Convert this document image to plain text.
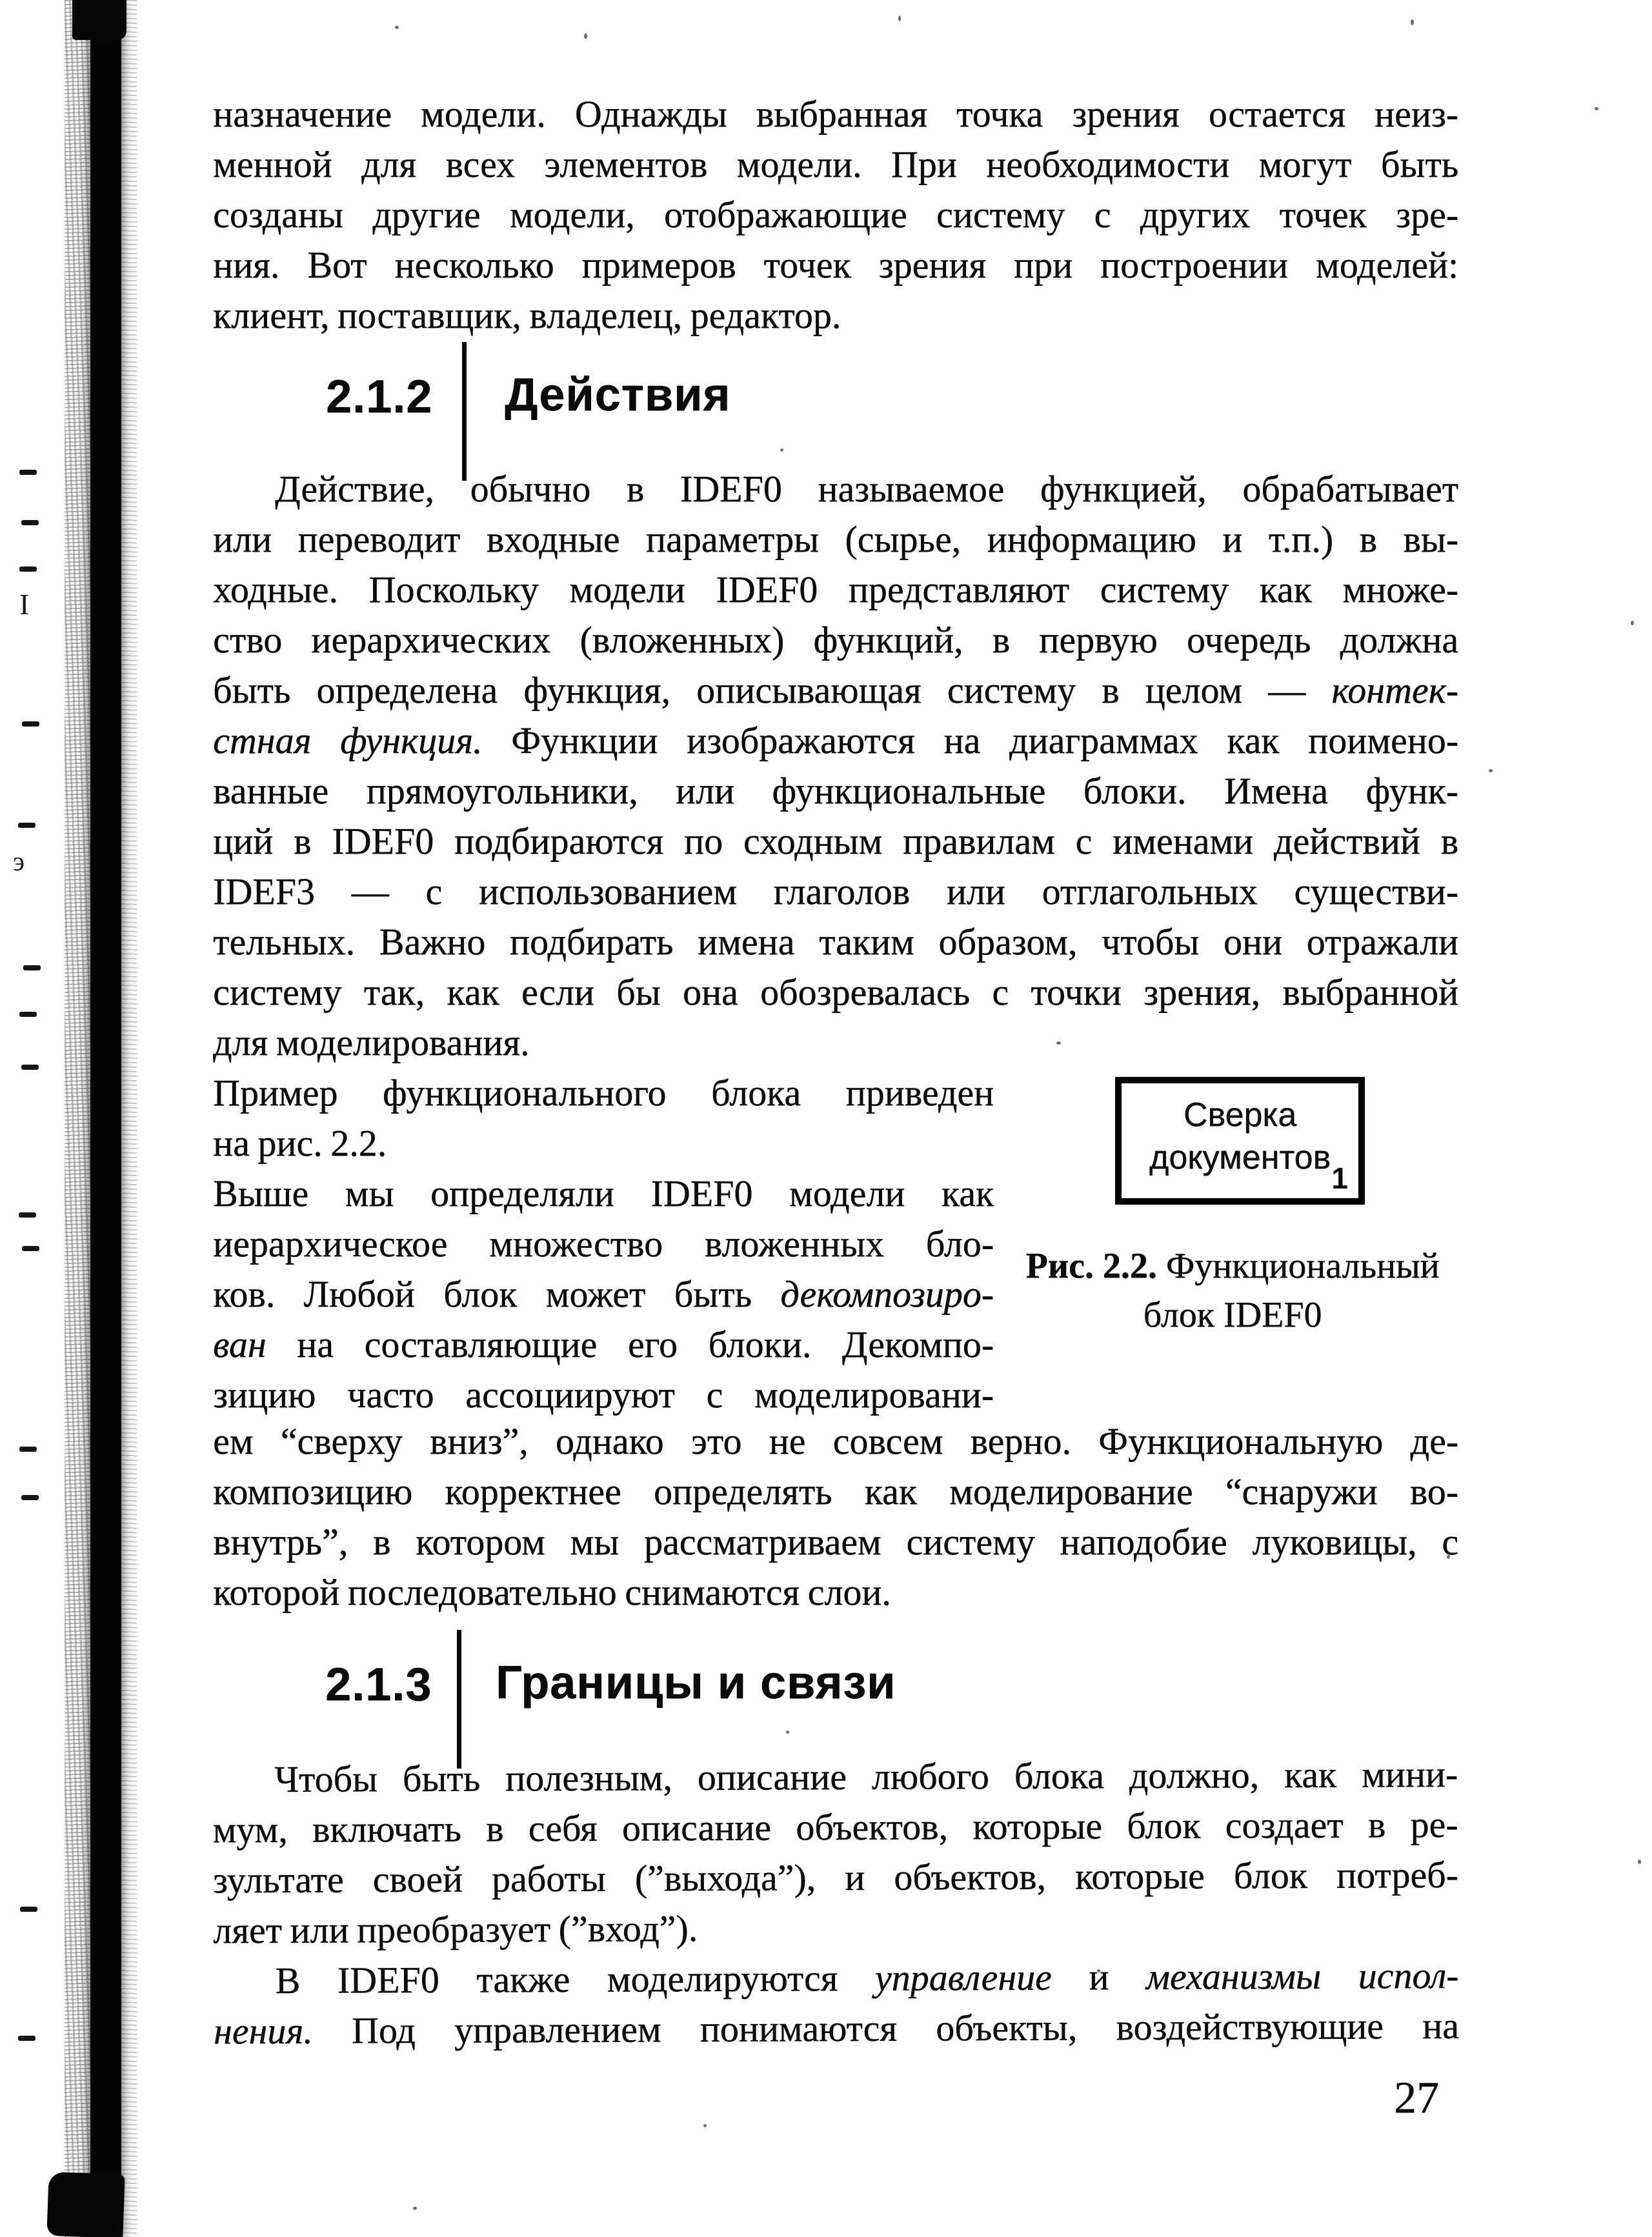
I
э
назначение модели. Однажды выбранная точка зрения остается неиз-
менной для всех элементов модели. При необходимости могут быть
созданы другие модели, отображающие систему с других точек зре-
ния. Вот несколько примеров точек зрения при построении моделей:
клиент, поставщик, владелец, редактор.
2.1.2 Действия
Действие, обычно в IDEF0 называемое функцией, обрабатывает
или переводит входные параметры (сырье, информацию и т.п.) в вы-
ходные. Поскольку модели IDEF0 представляют систему как множе-
ство иерархических (вложенных) функций, в первую очередь должна
быть определена функция, описывающая систему в целом — контек-
стная функция. Функции изображаются на диаграммах как поимено-
ванные прямоугольники, или функциональные блоки. Имена функ-
ций в IDEF0 подбираются по сходным правилам с именами действий в
IDEF3 — с использованием глаголов или отглагольных существи-
тельных. Важно подбирать имена таким образом, чтобы они отражали
систему так, как если бы она обозревалась с точки зрения, выбранной
для моделирования.
Пример функционального блока приведен
на рис. 2.2.
Выше мы определяли IDEF0 модели как
иерархическое множество вложенных бло-
ков. Любой блок может быть декомпозиро-
ван на составляющие его блоки. Декомпо-
зицию часто ассоциируют с моделировани-
ем “сверху вниз”, однако это не совсем верно. Функциональную де-
композицию корректнее определять как моделирование “снаружи во-
внутрь”, в котором мы рассматриваем систему наподобие луковицы, с
которой последовательно снимаются слои.
Сверка
документов
1
Рис. 2.2. Функциональный
блок IDEF0
2.1.3 Границы и связи
Чтобы быть полезным, описание любого блока должно, как мини-
мум, включать в себя описание объектов, которые блок создает в ре-
зультате своей работы (”выхода”), и объектов, которые блок потреб-
ляет или преобразует (”вход”).
В IDEF0 также моделируются управление и механизмы испол-
нения. Под управлением понимаются объекты, воздействующие на
27
